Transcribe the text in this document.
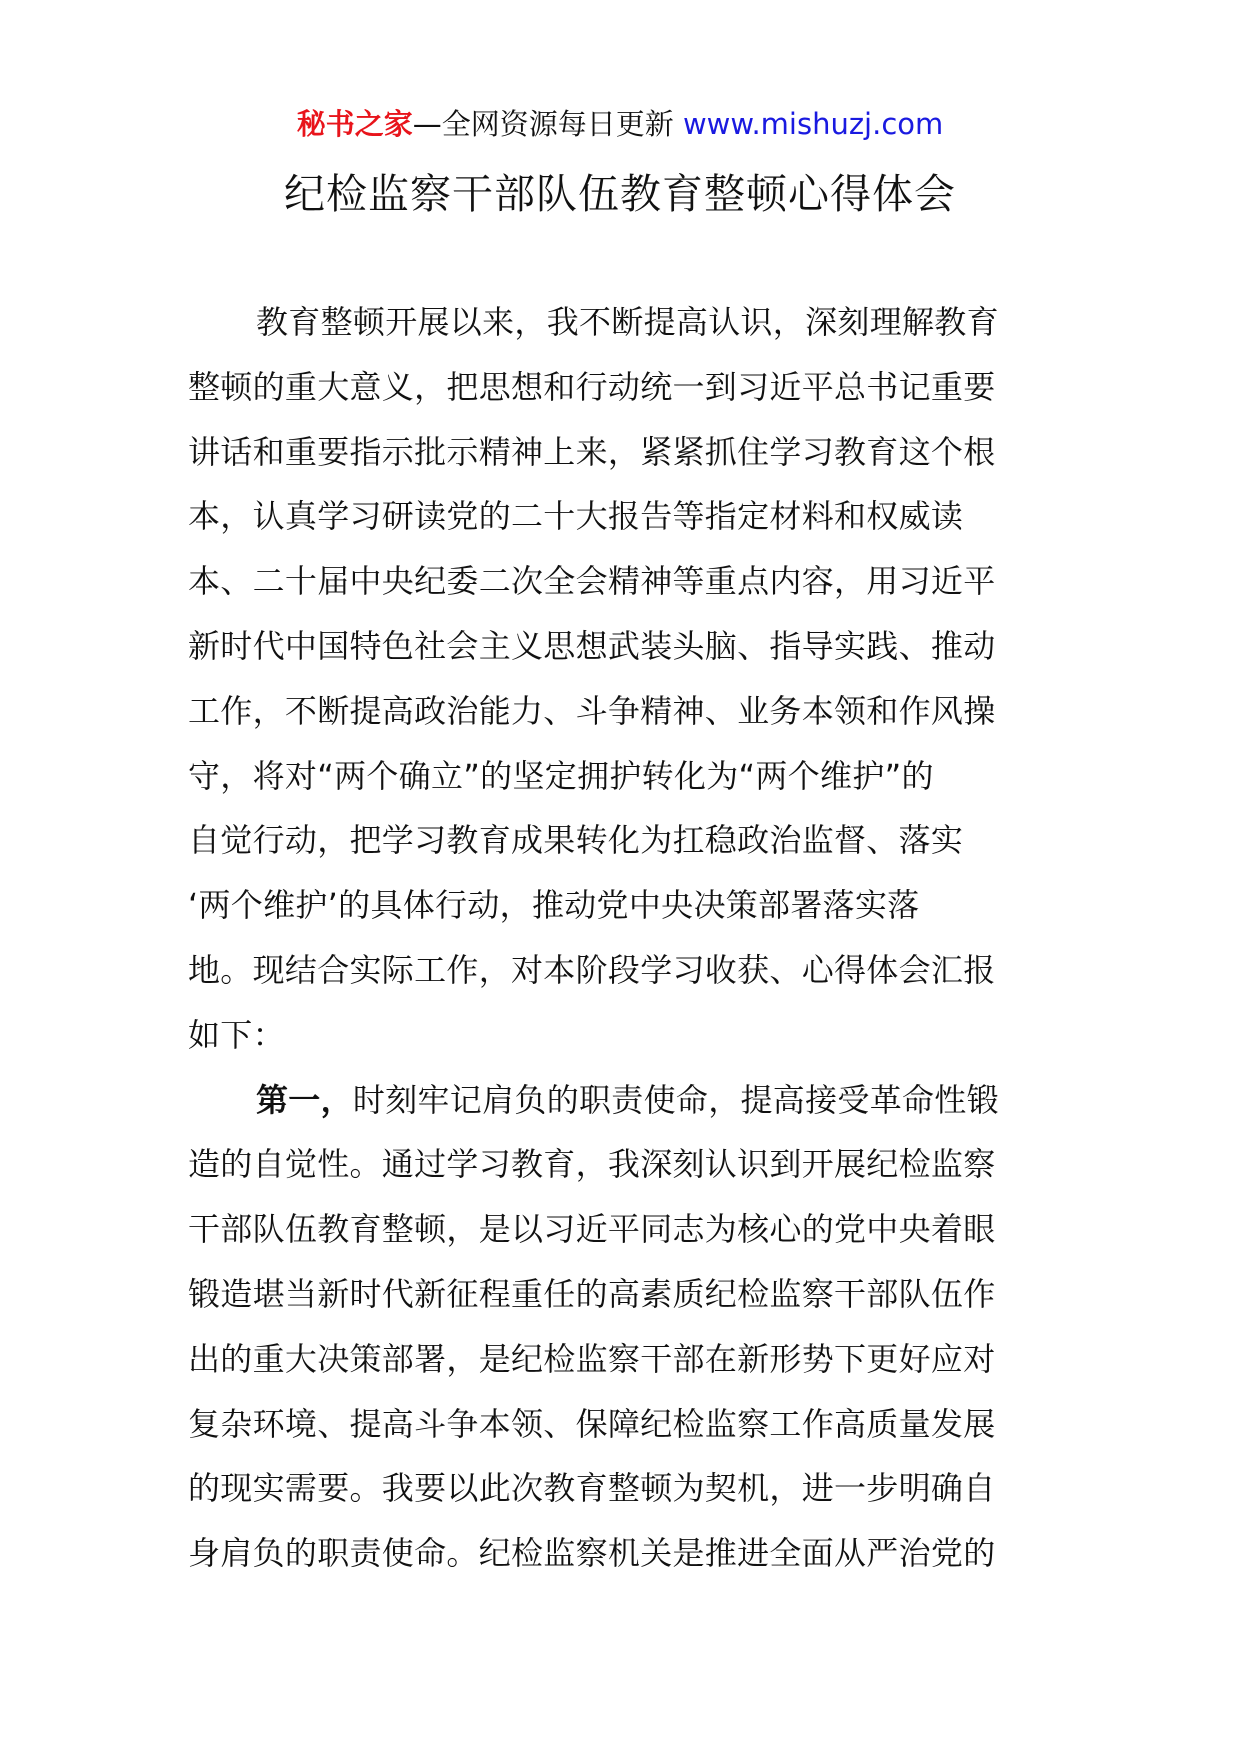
秘书之家—全网资源每日更新 www.mishuzj.com
纪检监察干部队伍教育整顿心得体会
教育整顿开展以来，我不断提高认识，深刻理解教育
整顿的重大意义，把思想和行动统一到习近平总书记重要
讲话和重要指示批示精神上来，紧紧抓住学习教育这个根
本，认真学习研读党的二十大报告等指定材料和权威读
本、二十届中央纪委二次全会精神等重点内容，用习近平
新时代中国特色社会主义思想武装头脑、指导实践、推动
工作，不断提高政治能力、斗争精神、业务本领和作风操
守，将对“两个确立”的坚定拥护转化为“两个维护”的
自觉行动，把学习教育成果转化为扛稳政治监督、落实
‘两个维护’的具体行动，推动党中央决策部署落实落
地。现结合实际工作，对本阶段学习收获、心得体会汇报
如下：
第一，时刻牢记肩负的职责使命，提高接受革命性锻
造的自觉性。通过学习教育，我深刻认识到开展纪检监察
干部队伍教育整顿，是以习近平同志为核心的党中央着眼
锻造堪当新时代新征程重任的高素质纪检监察干部队伍作
出的重大决策部署，是纪检监察干部在新形势下更好应对
复杂环境、提高斗争本领、保障纪检监察工作高质量发展
的现实需要。我要以此次教育整顿为契机，进一步明确自
身肩负的职责使命。纪检监察机关是推进全面从严治党的
